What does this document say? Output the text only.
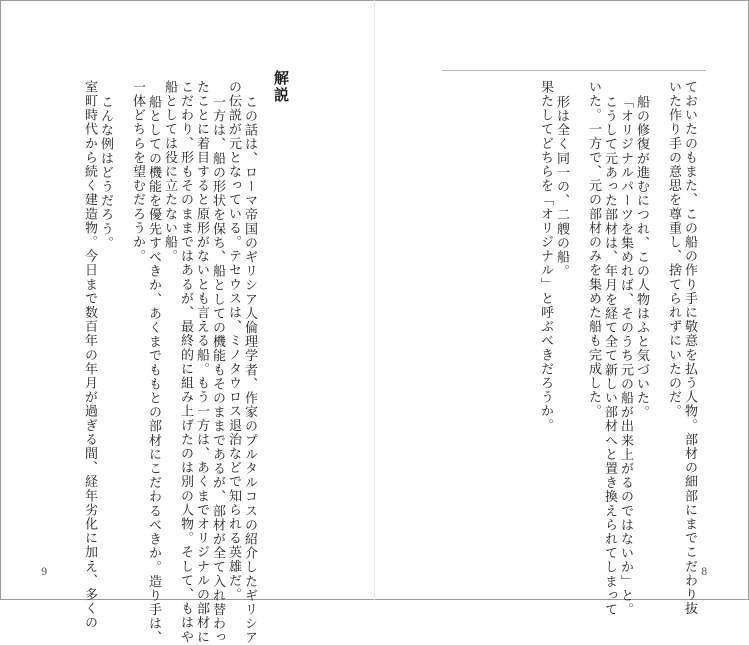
ておいたのもまた、この船の作り手に敬意を払う人物。部材の細部にまでこだわり抜

いた作り手の意思を尊重し、捨てられずにいたのだ。

船の修復が進むにつれ、この人物はふと気づいた。

「オリジナルパーツを集めれば、そのうち元の船が出来上がるのではないか」と。

こうして元あった部材は、年月を経て全て新しい部材へと置き換えられてしまって

いた。一方で、元の部材のみを集めた船も完成した。

形は全く同一の、二艘の船。

果たしてどちらを「オリジナル」と呼ぶべきだろうか。

解説

この話は、ローマ帝国のギリシア人倫理学者、作家のプルタルコスの紹介したギリシア

の伝説が元となっている。テセウスは、ミノタウロス退治などで知られる英雄だ。

一方は、船の形状を保ち、船としての機能もそのままであるが、部材が全て入れ替わっ

たことに着目すると原形がないとも言える船。もう一方は、あくまでオリジナルの部材に

こだわり、形もそのままではあるが、最終的に組み上げたのは別の人物。そして、もはや

船としては役に立たない船。

船としての機能を優先すべきか、あくまでももとの部材にこだわるべきか。造り手は、

一体どちらを望むだろうか。

こんな例はどうだろう。

室町時代から続く建造物。今日まで数百年の年月が過ぎる間、経年劣化に加え、多くの	8
9
